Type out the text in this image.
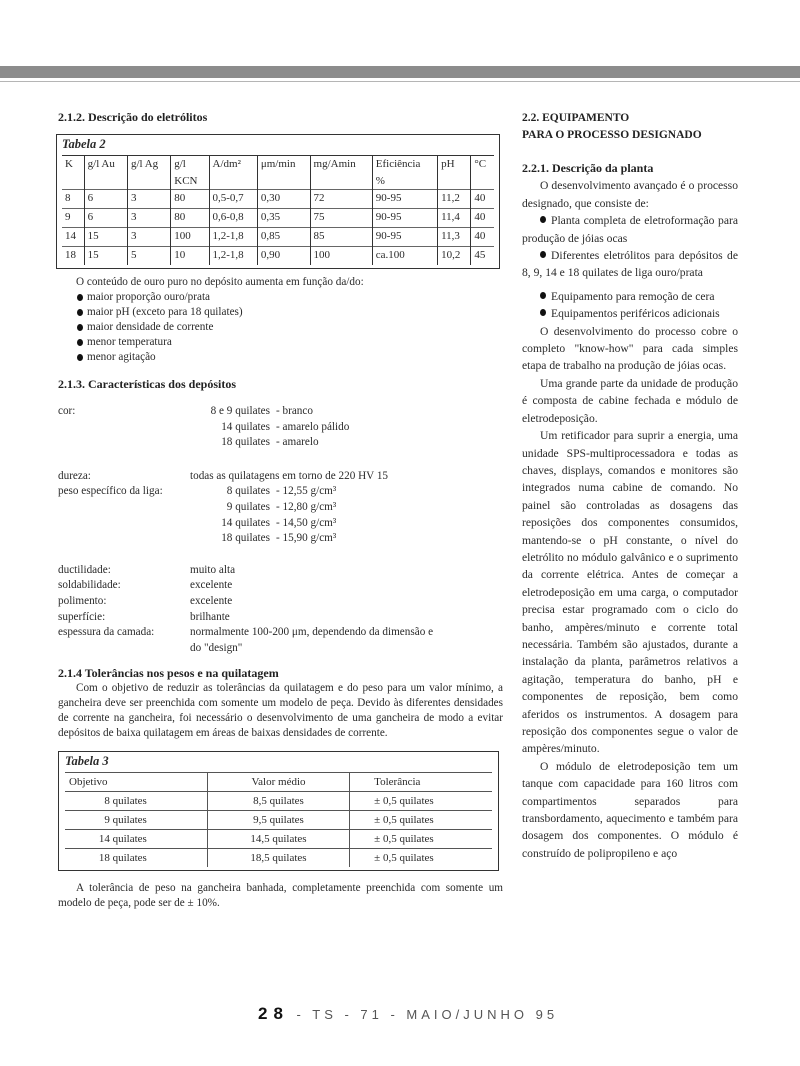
2.1.2. Descrição do eletrólitos
Tabela 2
K	g/l Au	g/l Ag	g/l	A/dm²	μm/min	mg/Amin	Eficiência	pH	°C
			KCN				%		
8	6	3	80	0,5-0,7	0,30	72	90-95	11,2	40
9	6	3	80	0,6-0,8	0,35	75	90-95	11,4	40
14	15	3	100	1,2-1,8	0,85	85	90-95	11,3	40
18	15	5	10	1,2-1,8	0,90	100	ca.100	10,2	45

O conteúdo de ouro puro no depósito aumenta em função da/do:

maior proporção ouro/prata
maior pH (exceto para 18 quilates)
maior densidade de corrente
menor temperatura
menor agitação
2.1.3. Características dos depósitos
cor:	8 e 9 quilates - branco
14 quilates - amarelo pálido
18 quilates - amarelo
dureza:	todas as quilatagens em torno de 220 HV 15
peso específico da liga:	8 quilates - 12,55 g/cm³
9 quilates - 12,80 g/cm³
14 quilates - 14,50 g/cm³
18 quilates - 15,90 g/cm³
ductilidade:	muito alta
soldabilidade:	excelente
polimento:	excelente
superfície:	brilhante
espessura da camada:	normalmente 100-200 μm, dependendo da dimensão e
do "design"
2.1.4 Tolerâncias nos pesos e na quilatagem

Com o objetivo de reduzir as tolerâncias da quilatagem e do peso para um valor mínimo, a gancheira deve ser preenchida com somente um modelo de peça. Devido às diferentes densidades de corrente na gancheira, foi necessário o desenvolvimento de uma gancheira de modo a evitar depósitos de baixa quilatagem em áreas de baixas densidades de corrente.

Tabela 3
Objetivo	Valor médio	Tolerância
8 quilates	8,5 quilates	± 0,5 quilates
9 quilates	9,5 quilates	± 0,5 quilates
14 quilates	14,5 quilates	± 0,5 quilates
18 quilates	18,5 quilates	± 0,5 quilates

A tolerância de peso na gancheira banhada, completamente preenchida com somente um modelo de peça, pode ser de ± 10%.

2.2. EQUIPAMENTO
PARA O PROCESSO DESIGNADO
2.2.1. Descrição da planta

O desenvolvimento avançado é o processo designado, que consiste de:

Planta completa de eletroformação para produção de jóias ocas
Diferentes eletrólitos para depósitos de 8, 9, 14 e 18 quilates de liga ouro/prata
Equipamento para remoção de cera
Equipamentos periféricos adicionais

O desenvolvimento do processo cobre o completo "know-how" para cada simples etapa de trabalho na produção de jóias ocas.

Uma grande parte da unidade de produção é composta de cabine fechada e módulo de eletrodeposição.

Um retificador para suprir a energia, uma unidade SPS-multiprocessadora e todas as chaves, displays, comandos e monitores são integrados numa cabine de comando. No painel são controladas as dosagens das reposições dos componentes consumidos, mantendo-se o pH constante, o nível do eletrólito no módulo galvânico e o suprimento da corrente elétrica. Antes de começar a eletrodeposição em uma carga, o computador precisa estar programado com o ciclo do banho, ampères/minuto e corrente total necessária. Também são ajustados, durante a instalação da planta, parâmetros relativos a agitação, temperatura do banho, pH e componentes de reposição, bem como aferidos os instrumentos. A dosagem para reposição dos componentes segue o valor de ampères/minuto.

O módulo de eletrodeposição tem um tanque com capacidade para 160 litros com compartimentos separados para transbordamento, aquecimento e também para dosagem dos componentes. O módulo é construído de polipropileno e aço

28 - TS - 71 - MAIO/JUNHO 95
